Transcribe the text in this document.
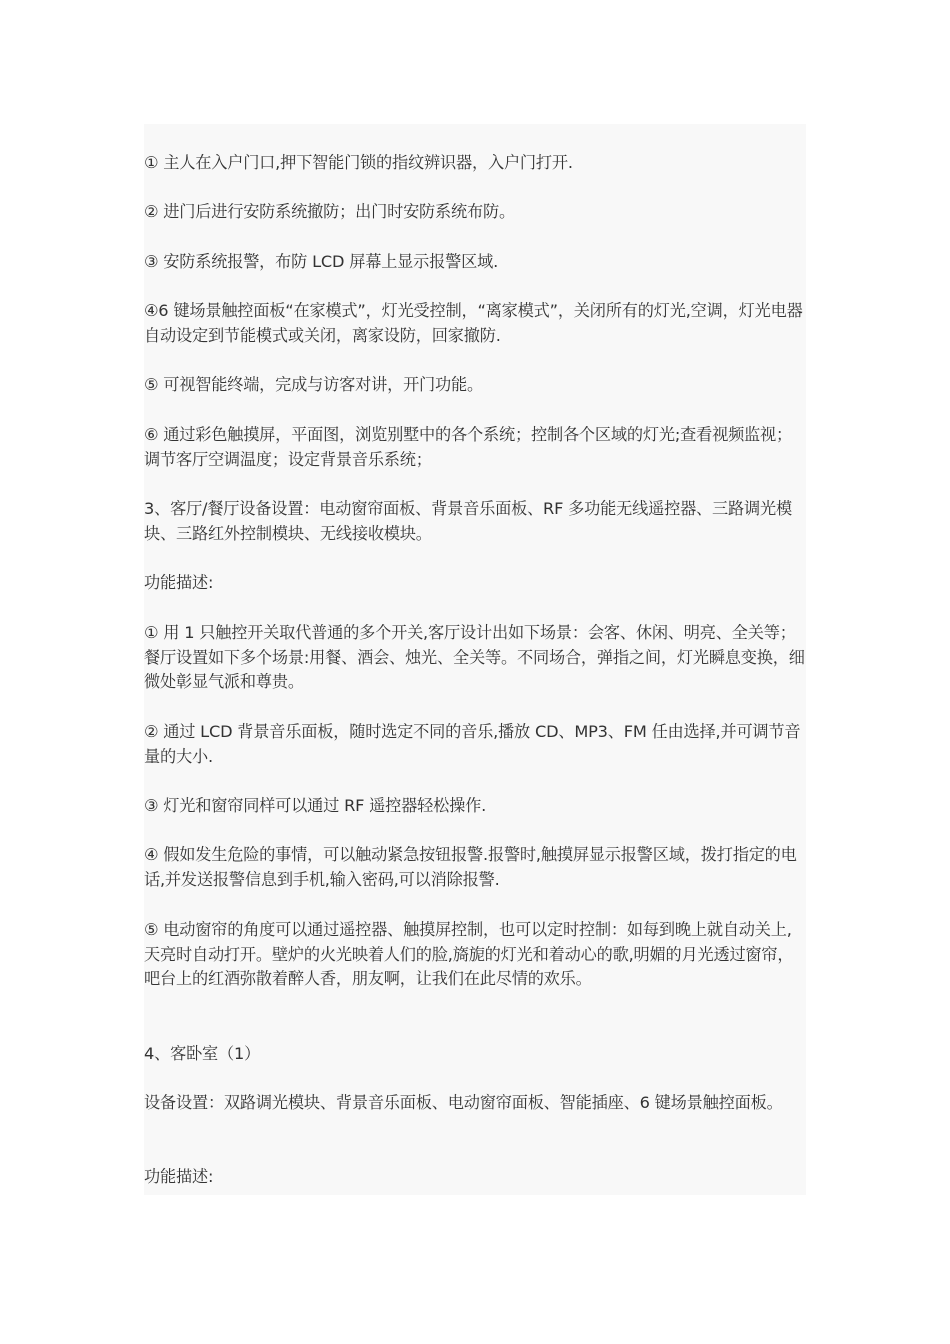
① 主人在入户门口,押下智能门锁的指纹辨识器，入户门打开.

② 进门后进行安防系统撤防；出门时安防系统布防。

③ 安防系统报警，布防 LCD 屏幕上显示报警区域.

④6 键场景触控面板“在家模式”，灯光受控制，“离家模式”，关闭所有的灯光,空调，灯光电器自动设定到节能模式或关闭，离家设防，回家撤防.

⑤ 可视智能终端，完成与访客对讲，开门功能。

⑥ 通过彩色触摸屏，平面图，浏览别墅中的各个系统；控制各个区域的灯光;查看视频监视；调节客厅空调温度；设定背景音乐系统；

3、客厅/餐厅设备设置：电动窗帘面板、背景音乐面板、RF 多功能无线遥控器、三路调光模块、三路红外控制模块、无线接收模块。

功能描述:

① 用 1 只触控开关取代普通的多个开关,客厅设计出如下场景：会客、休闲、明亮、全关等；餐厅设置如下多个场景:用餐、酒会、烛光、全关等。不同场合，弹指之间，灯光瞬息变换，细微处彰显气派和尊贵。

② 通过 LCD 背景音乐面板，随时选定不同的音乐,播放 CD、MP3、FM 任由选择,并可调节音量的大小.

③ 灯光和窗帘同样可以通过 RF 遥控器轻松操作.

④ 假如发生危险的事情，可以触动紧急按钮报警.报警时,触摸屏显示报警区域，拨打指定的电话,并发送报警信息到手机,输入密码,可以消除报警.

⑤ 电动窗帘的角度可以通过遥控器、触摸屏控制，也可以定时控制：如每到晚上就自动关上,天亮时自动打开。壁炉的火光映着人们的脸,旖旎的灯光和着动心的歌,明媚的月光透过窗帘，吧台上的红酒弥散着醉人香，朋友啊，让我们在此尽情的欢乐。

4、客卧室（1）

设备设置：双路调光模块、背景音乐面板、电动窗帘面板、智能插座、6 键场景触控面板。

功能描述:
